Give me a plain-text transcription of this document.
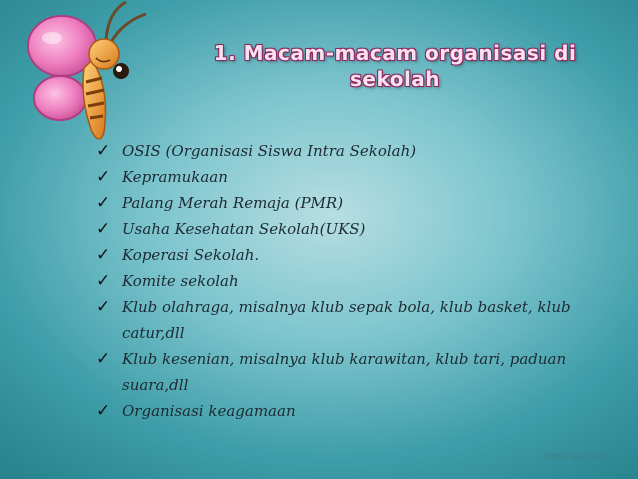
1. Macam-macam organisasi di
sekolah
✓ OSIS (Organisasi Siswa Intra Sekolah)
✓ Kepramukaan
✓ Palang Merah Remaja (PMR)
✓ Usaha Kesehatan Sekolah(UKS)
✓ Koperasi Sekolah.
✓ Komite sekolah
✓ Klub olahraga, misalnya klub sepak bola, klub basket, klub
catur,dll
✓ Klub kesenian, misalnya klub karawitan, klub tari, paduan
suara,dll
✓ Organisasi keagamaan
BibleClipart.net
